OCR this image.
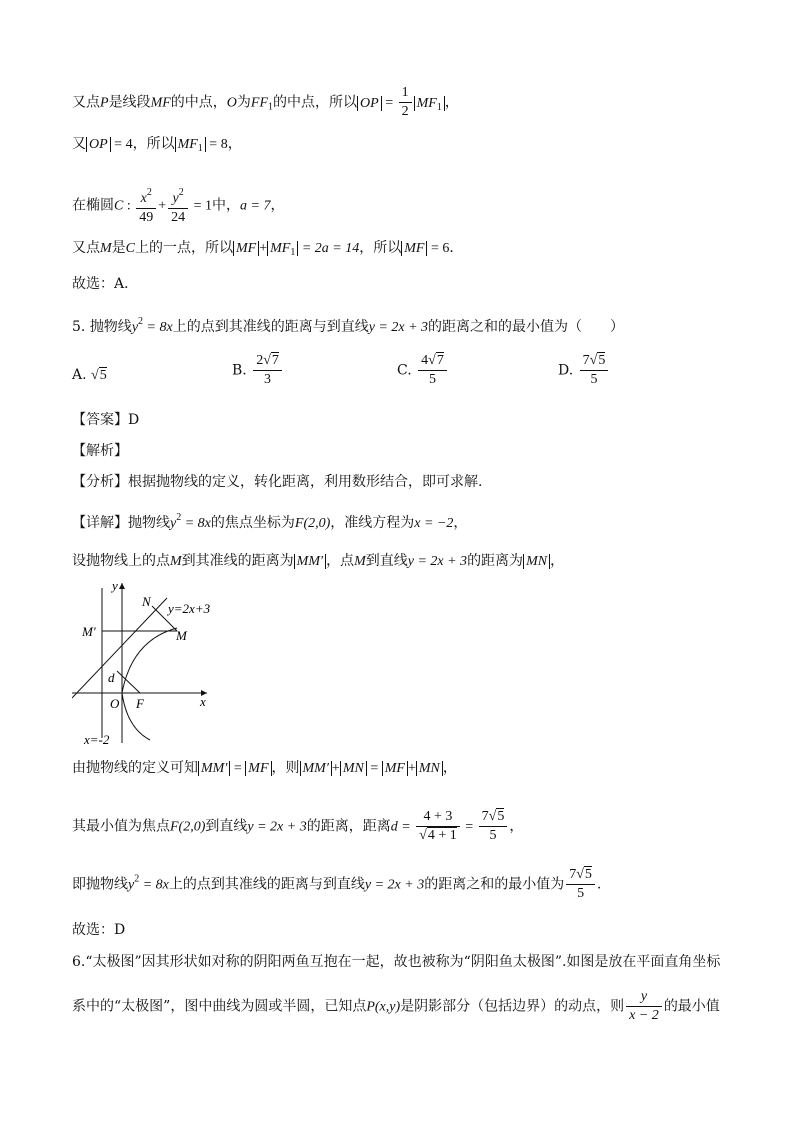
又点P是线段MF的中点，O为$FF_1$的中点，所以 OP = $\frac{1}{2} MF_1$ ，
又 OP = 4，所以 $MF_1 = 8$，
在椭圆C : $\frac{x^2}{49} + \frac{y^2}{24} = 1$中，a = 7，
又点M是C上的一点，所以 MF + $MF_1 = 2a = 14$，所以 MF = 6．
故选：A．
5. 抛物线$y^2 = 8x$上的点到其准线的距离与到直线y = 2x + 3的距离之和的最小值为（　　）
A. √5	B. $\frac{2√7}{3}$	C. $\frac{4√7}{5}$	D. $\frac{7√5}{5}$
【答案】D
【解析】
【分析】根据抛物线的定义，转化距离，利用数形结合，即可求解.
【详解】抛物线$y^2 = 8x$的焦点坐标为F(2,0)，准线方程为x = −2，
设抛物线上的点M到其准线的距离为 MM′ ，点M到直线y = 2x + 3的距离为 MN ，
y
N y=2x+3
M′	M
d
O F	x
x=-2
由抛物线的定义可知 MM′ = MF ，则 MM′ + MN = MF + MN ，
其最小值为焦点F(2,0)到直线y = 2x + 3的距离，距离$d = \frac{4 + 3}{√4 + 1} = \frac{7√5}{5}$ ，
即抛物线$y^2 = 8x$上的点到其准线的距离与到直线y = 2x + 3的距离之和的最小值为 $\frac{7√5}{5}$ .
故选：D
6.“太极图”因其形状如对称的阴阳两鱼互抱在一起，故也被称为“阴阳鱼太极图”.如图是放在平面直角坐标
系中的“太极图”，图中曲线为圆或半圆，已知点P(x,y)是阴影部分（包括边界）的动点，则 $\frac{y}{x - 2}$ 的最小值
